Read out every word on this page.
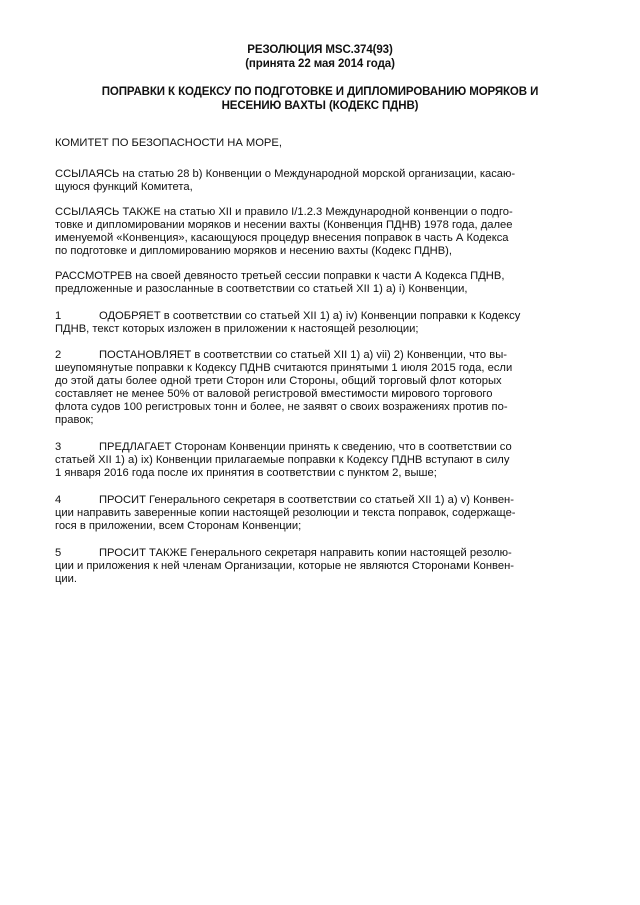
РЕЗОЛЮЦИЯ MSC.374(93)
(принята 22 мая 2014 года)
ПОПРАВКИ К КОДЕКСУ ПО ПОДГОТОВКЕ И ДИПЛОМИРОВАНИЮ МОРЯКОВ И
НЕСЕНИЮ ВАХТЫ (КОДЕКС ПДНВ)
КОМИТЕТ ПО БЕЗОПАСНОСТИ НА МОРЕ,
ССЫЛАЯСЬ на статью 28 b) Конвенции о Международной морской организации, касаю-
щуюся функций Комитета,
ССЫЛАЯСЬ ТАКЖЕ на статью XII и правило I/1.2.3 Международной конвенции о подго-
товке и дипломировании моряков и несении вахты (Конвенция ПДНВ) 1978 года, далее
именуемой «Конвенция», касающуюся процедур внесения поправок в часть А Кодекса
по подготовке и дипломированию моряков и несению вахты (Кодекс ПДНВ),
РАССМОТРЕВ на своей девяносто третьей сессии поправки к части А Кодекса ПДНВ,
предложенные и разосланные в соответствии со статьей XII 1) a) i) Конвенции,
1	ОДОБРЯЕТ в соответствии со статьей XII 1) a) iv) Конвенции поправки к Кодексу
ПДНВ, текст которых изложен в приложении к настоящей резолюции;
2	ПОСТАНОВЛЯЕТ в соответствии со статьей XII 1) a) vii) 2) Конвенции, что вы-
шеупомянутые поправки к Кодексу ПДНВ считаются принятыми 1 июля 2015 года, если
до этой даты более одной трети Сторон или Стороны, общий торговый флот которых
составляет не менее 50% от валовой регистровой вместимости мирового торгового
флота судов 100 регистровых тонн и более, не заявят о своих возражениях против по-
правок;
3	ПРЕДЛАГАЕТ Сторонам Конвенции принять к сведению, что в соответствии со
статьей XII 1) a) ix) Конвенции прилагаемые поправки к Кодексу ПДНВ вступают в силу
1 января 2016 года после их принятия в соответствии с пунктом 2, выше;
4	ПРОСИТ Генерального секретаря в соответствии со статьей XII 1) a) v) Конвен-
ции направить заверенные копии настоящей резолюции и текста поправок, содержаще-
гося в приложении, всем Сторонам Конвенции;
5	ПРОСИТ ТАКЖЕ Генерального секретаря направить копии настоящей резолю-
ции и приложения к ней членам Организации, которые не являются Сторонами Конвен-
ции.
